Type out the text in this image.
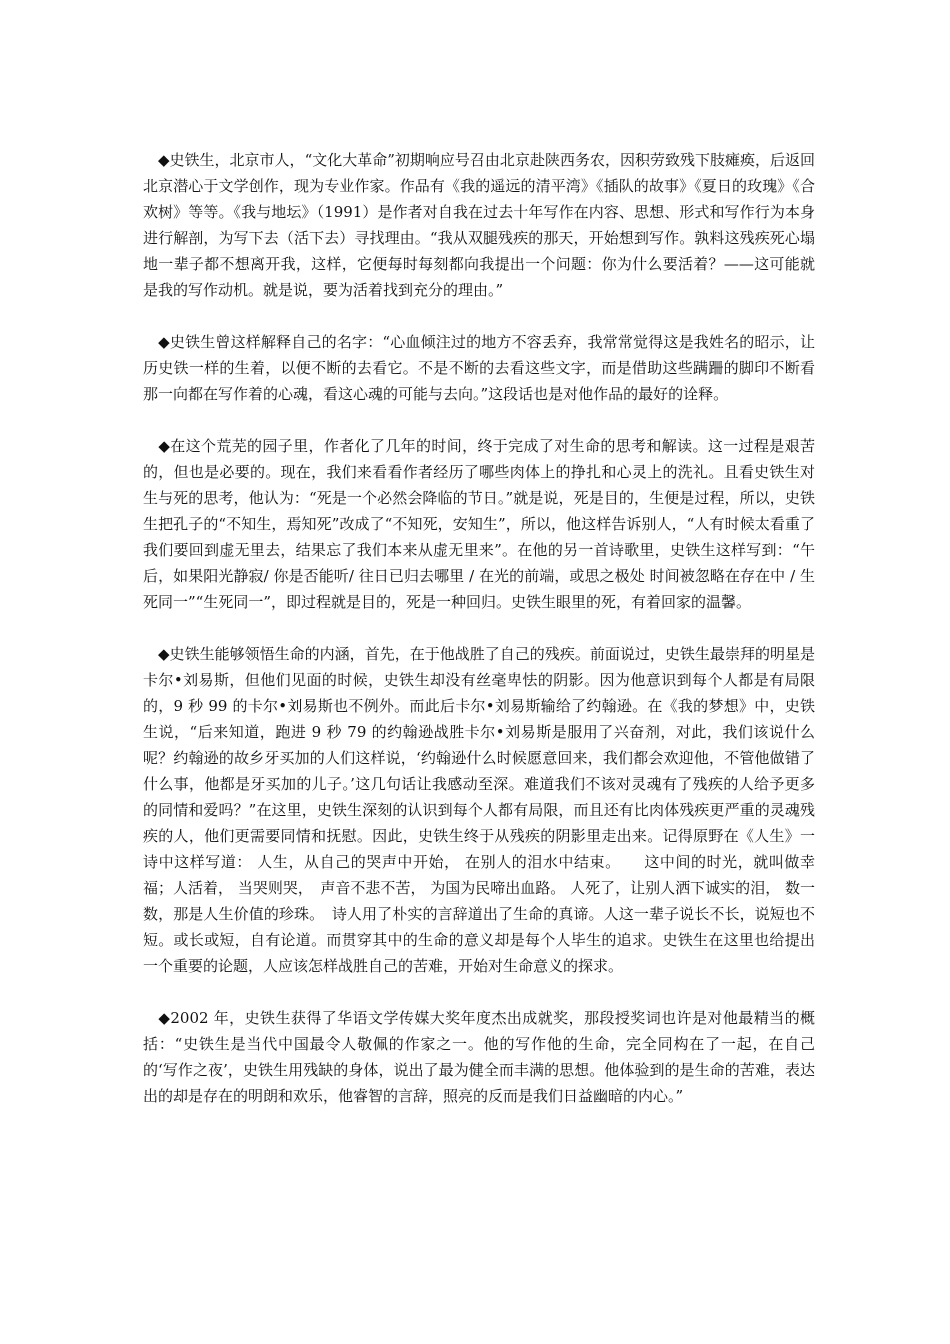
　◆史铁生，北京市人，“文化大革命”初期响应号召由北京赴陕西务农，因积劳致残下肢瘫痪，后返回北京潜心于文学创作，现为专业作家。作品有《我的遥远的清平湾》《插队的故事》《夏日的玫瑰》《合欢树》等等。《我与地坛》（1991）是作者对自我在过去十年写作在内容、思想、形式和写作行为本身进行解剖，为写下去（活下去）寻找理由。“我从双腿残疾的那天，开始想到写作。孰料这残疾死心塌地一辈子都不想离开我，这样，它便每时每刻都向我提出一个问题：你为什么要活着？——这可能就是我的写作动机。就是说，要为活着找到充分的理由。”

　◆史铁生曾这样解释自己的名字：“心血倾注过的地方不容丢弃，我常常觉得这是我姓名的昭示，让历史铁一样的生着，以便不断的去看它。不是不断的去看这些文字，而是借助这些蹒跚的脚印不断看那一向都在写作着的心魂，看这心魂的可能与去向。”这段话也是对他作品的最好的诠释。

　◆在这个荒芜的园子里，作者化了几年的时间，终于完成了对生命的思考和解读。这一过程是艰苦的，但也是必要的。现在，我们来看看作者经历了哪些肉体上的挣扎和心灵上的洗礼。且看史铁生对生与死的思考，他认为：“死是一个必然会降临的节日。”就是说，死是目的，生便是过程，所以，史铁生把孔子的“不知生，焉知死”改成了“不知死，安知生”，所以，他这样告诉别人，“人有时候太看重了我们要回到虚无里去，结果忘了我们本来从虚无里来”。在他的另一首诗歌里，史铁生这样写到：“午后，如果阳光静寂/ 你是否能听/ 往日已归去哪里 / 在光的前端，或思之极处 时间被忽略在存在中 / 生死同一”“生死同一”，即过程就是目的，死是一种回归。史铁生眼里的死，有着回家的温馨。

　◆史铁生能够领悟生命的内涵，首先，在于他战胜了自己的残疾。前面说过，史铁生最崇拜的明星是卡尔•刘易斯，但他们见面的时候，史铁生却没有丝毫卑怯的阴影。因为他意识到每个人都是有局限的，9 秒 99 的卡尔•刘易斯也不例外。而此后卡尔•刘易斯输给了约翰逊。在《我的梦想》中，史铁生说，“后来知道，跑进 9 秒 79 的约翰逊战胜卡尔•刘易斯是服用了兴奋剂，对此，我们该说什么呢？约翰逊的故乡牙买加的人们这样说，‘约翰逊什么时候愿意回来，我们都会欢迎他，不管他做错了什么事，他都是牙买加的儿子。’这几句话让我感动至深。难道我们不该对灵魂有了残疾的人给予更多的同情和爱吗？”在这里，史铁生深刻的认识到每个人都有局限，而且还有比肉体残疾更严重的灵魂残疾的人，他们更需要同情和抚慰。因此，史铁生终于从残疾的阴影里走出来。记得原野在《人生》一诗中这样写道： 人生，从自己的哭声中开始， 在别人的泪水中结束。　　这中间的时光，就叫做幸福；人活着， 当哭则哭，　声音不悲不苦， 为国为民啼出血路。 人死了，让别人洒下诚实的泪， 数一数，那是人生价值的珍珠。　诗人用了朴实的言辞道出了生命的真谛。人这一辈子说长不长，说短也不短。或长或短，自有论道。而贯穿其中的生命的意义却是每个人毕生的追求。史铁生在这里也给提出一个重要的论题，人应该怎样战胜自己的苦难，开始对生命意义的探求。

　◆2002 年，史铁生获得了华语文学传媒大奖年度杰出成就奖，那段授奖词也许是对他最精当的概括：“史铁生是当代中国最令人敬佩的作家之一。他的写作他的生命，完全同构在了一起，在自己的‘写作之夜’，史铁生用残缺的身体，说出了最为健全而丰满的思想。他体验到的是生命的苦难，表达出的却是存在的明朗和欢乐，他睿智的言辞，照亮的反而是我们日益幽暗的内心。”
